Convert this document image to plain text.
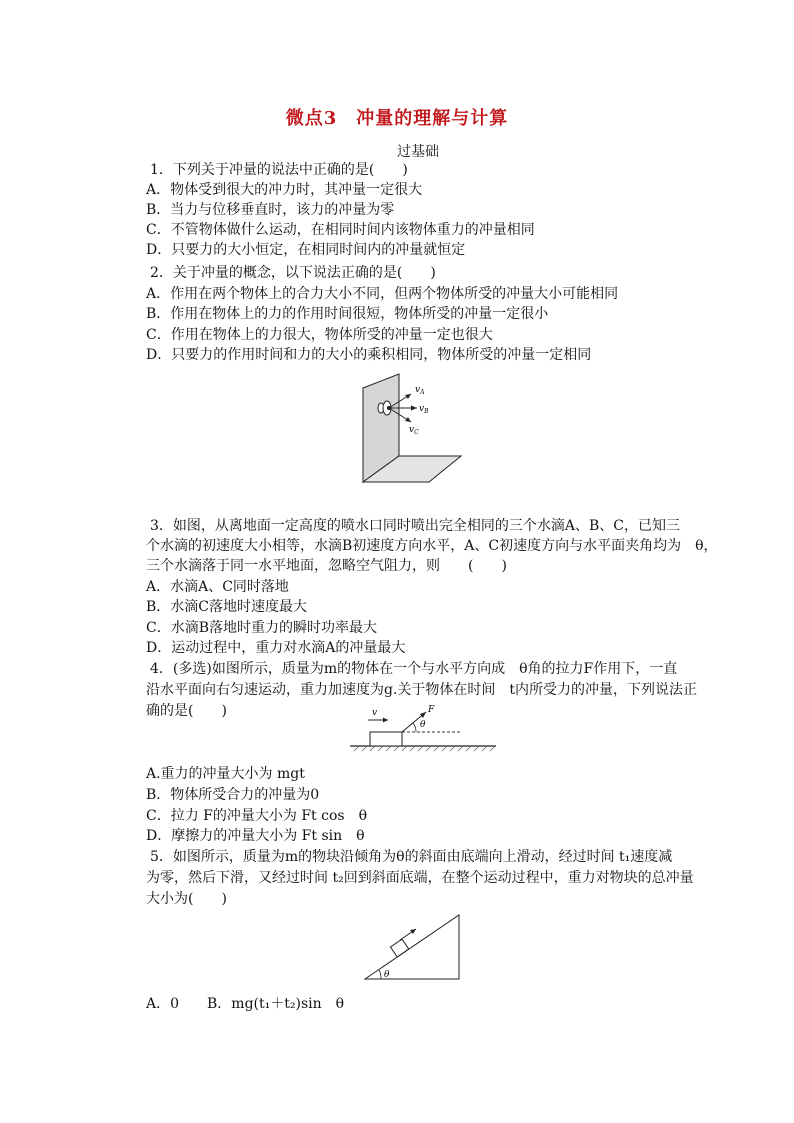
微点3　冲量的理解与计算
过基础
1．下列关于冲量的说法中正确的是(　　)
A．物体受到很大的冲力时，其冲量一定很大
B．当力与位移垂直时，该力的冲量为零
C．不管物体做什么运动，在相同时间内该物体重力的冲量相同
D．只要力的大小恒定，在相同时间内的冲量就恒定
2．关于冲量的概念，以下说法正确的是(　　)
A．作用在两个物体上的合力大小不同，但两个物体所受的冲量大小可能相同
B．作用在物体上的力的作用时间很短，物体所受的冲量一定很小
C．作用在物体上的力很大，物体所受的冲量一定也很大
D．只要力的作用时间和力的大小的乘积相同，物体所受的冲量一定相同
$v_A$
$v_B$
$v_C$
3．如图，从离地面一定高度的喷水口同时喷出完全相同的三个水滴A、B、C，已知三
个水滴的初速度大小相等，水滴B初速度方向水平，A、C初速度方向与水平面夹角均为　θ，
三个水滴落于同一水平地面，忽略空气阻力，则　　(　　)
A．水滴A、C同时落地
B．水滴C落地时速度最大
C．水滴B落地时重力的瞬时功率最大
D．运动过程中，重力对水滴A的冲量最大
4．(多选)如图所示，质量为m的物体在一个与水平方向成　θ角的拉力F作用下，一直
沿水平面向右匀速运动，重力加速度为g.关于物体在时间　t内所受力的冲量，下列说法正
确的是(　　)	v	F
θ
A.重力的冲量大小为 mgt
B．物体所受合力的冲量为0
C．拉力 F的冲量大小为 Ft cos　θ
D．摩擦力的冲量大小为 Ft sin　θ
5．如图所示，质量为m的物块沿倾角为θ的斜面由底端向上滑动，经过时间 t₁速度减
为零，然后下滑，又经过时间 t₂回到斜面底端，在整个运动过程中，重力对物块的总冲量
大小为(　　)
θ
A．0　　B．mg(t₁＋t₂)sin　θ
